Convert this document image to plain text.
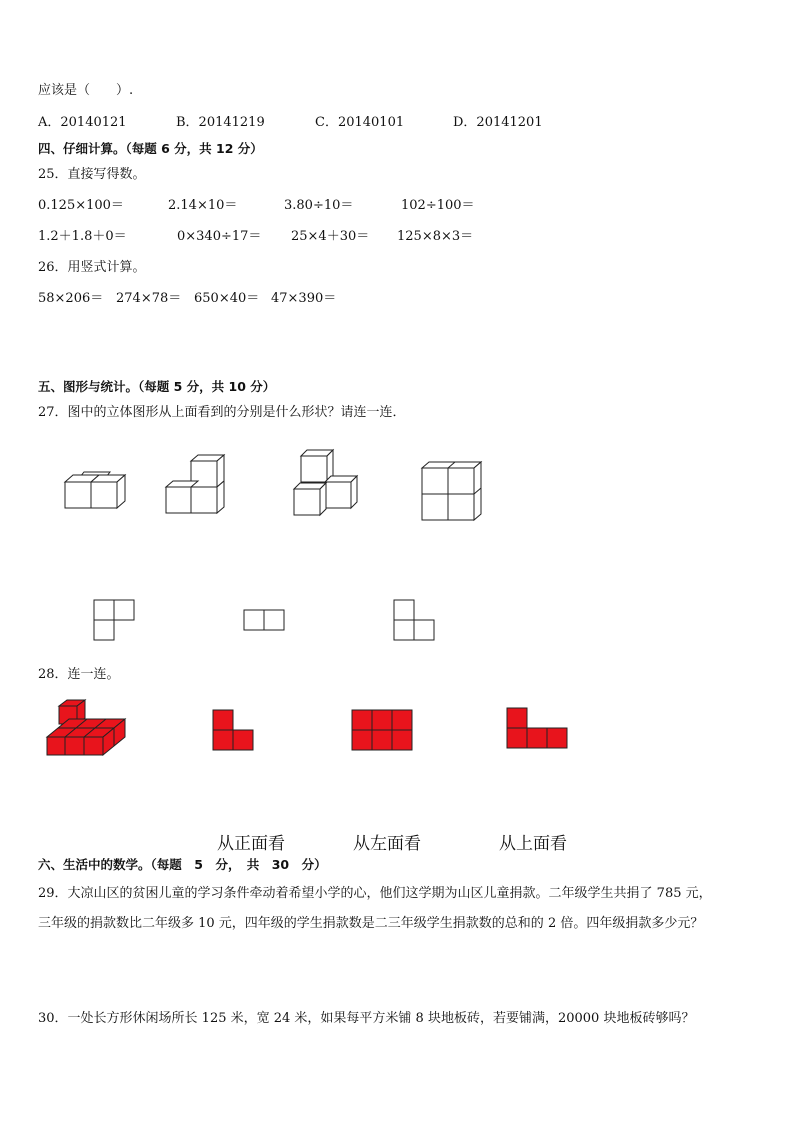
应该是（　　）.
A．20140121	B．20141219	C．20140101	D．20141201
四、仔细计算。（每题 6 分，共 12 分）
25．直接写得数。
0.125×100＝	2.14×10＝	3.80÷10＝	102÷100＝
1.2＋1.8＋0＝	0×340÷17＝ 25×4＋30＝ 125×8×3＝
26．用竖式计算。
58×206＝ 274×78＝ 650×40＝ 47×390＝
五、图形与统计。（每题 5 分，共 10 分）
27．图中的立体图形从上面看到的分别是什么形状？请连一连．
28．连一连。
从正面看	从左面看	从上面看
六、生活中的数学。（每题　5　分，　共　30　分）
29．大凉山区的贫困儿童的学习条件牵动着希望小学的心，他们这学期为山区儿童捐款。二年级学生共捐了 785 元，
三年级的捐款数比二年级多 10 元，四年级的学生捐款数是二三年级学生捐款数的总和的 2 倍。四年级捐款多少元？
30．一处长方形休闲场所长 125 米，宽 24 米，如果每平方米铺 8 块地板砖，若要铺满，20000 块地板砖够吗？
